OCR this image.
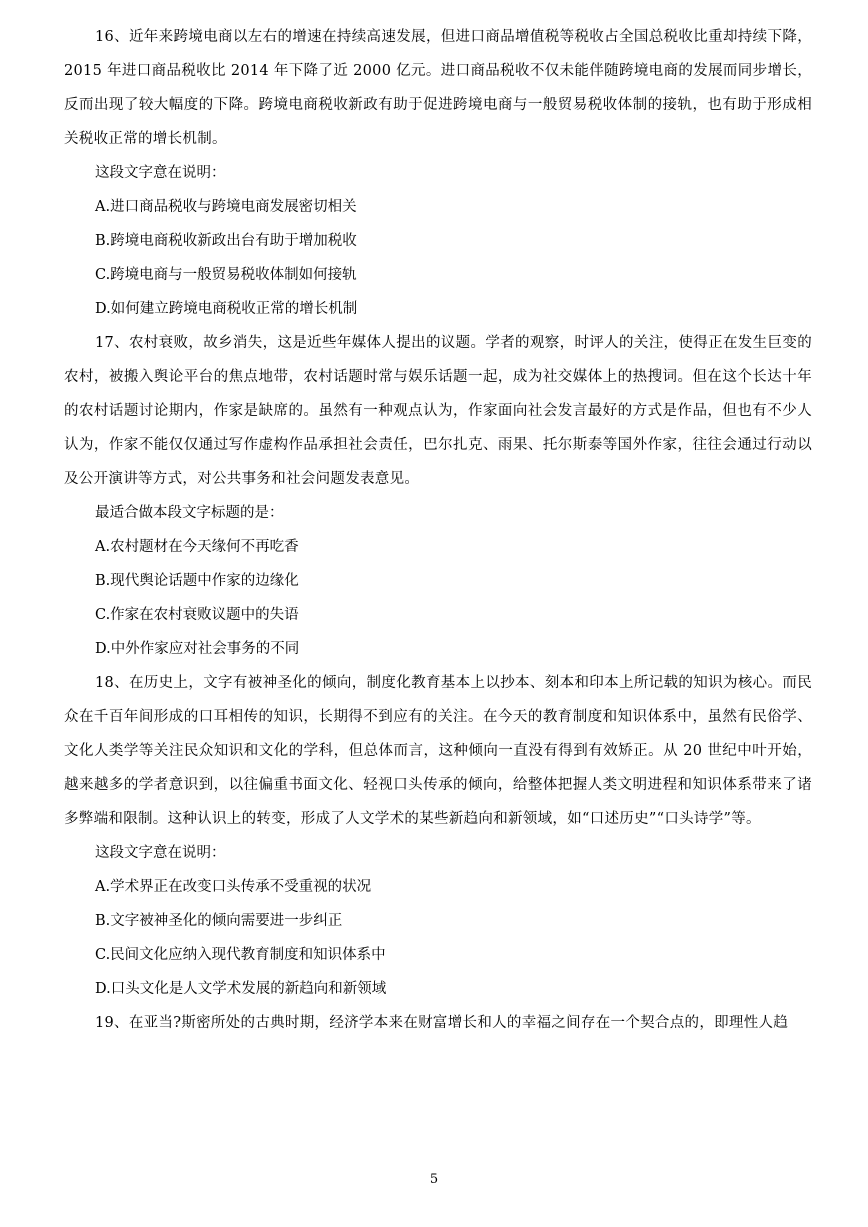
16、近年来跨境电商以左右的增速在持续高速发展，但进口商品增值税等税收占全国总税收比重却持续下降，2015 年进口商品税收比 2014 年下降了近 2000 亿元。进口商品税收不仅未能伴随跨境电商的发展而同步增长，反而出现了较大幅度的下降。跨境电商税收新政有助于促进跨境电商与一般贸易税收体制的接轨，也有助于形成相关税收正常的增长机制。

这段文字意在说明：

A.进口商品税收与跨境电商发展密切相关

B.跨境电商税收新政出台有助于增加税收

C.跨境电商与一般贸易税收体制如何接轨

D.如何建立跨境电商税收正常的增长机制

17、农村衰败，故乡消失，这是近些年媒体人提出的议题。学者的观察，时评人的关注，使得正在发生巨变的农村，被搬入舆论平台的焦点地带，农村话题时常与娱乐话题一起，成为社交媒体上的热搜词。但在这个长达十年的农村话题讨论期内，作家是缺席的。虽然有一种观点认为，作家面向社会发言最好的方式是作品，但也有不少人认为，作家不能仅仅通过写作虚构作品承担社会责任，巴尔扎克、雨果、托尔斯泰等国外作家，往往会通过行动以及公开演讲等方式，对公共事务和社会问题发表意见。

最适合做本段文字标题的是：

A.农村题材在今天缘何不再吃香

B.现代舆论话题中作家的边缘化

C.作家在农村衰败议题中的失语

D.中外作家应对社会事务的不同

18、在历史上，文字有被神圣化的倾向，制度化教育基本上以抄本、刻本和印本上所记载的知识为核心。而民众在千百年间形成的口耳相传的知识，长期得不到应有的关注。在今天的教育制度和知识体系中，虽然有民俗学、文化人类学等关注民众知识和文化的学科，但总体而言，这种倾向一直没有得到有效矫正。从 20 世纪中叶开始，越来越多的学者意识到，以往偏重书面文化、轻视口头传承的倾向，给整体把握人类文明进程和知识体系带来了诸多弊端和限制。这种认识上的转变，形成了人文学术的某些新趋向和新领域，如“口述历史”“口头诗学”等。

这段文字意在说明：

A.学术界正在改变口头传承不受重视的状况

B.文字被神圣化的倾向需要进一步纠正

C.民间文化应纳入现代教育制度和知识体系中

D.口头文化是人文学术发展的新趋向和新领域

19、在亚当?斯密所处的古典时期，经济学本来在财富增长和人的幸福之间存在一个契合点的，即理性人趋

5
